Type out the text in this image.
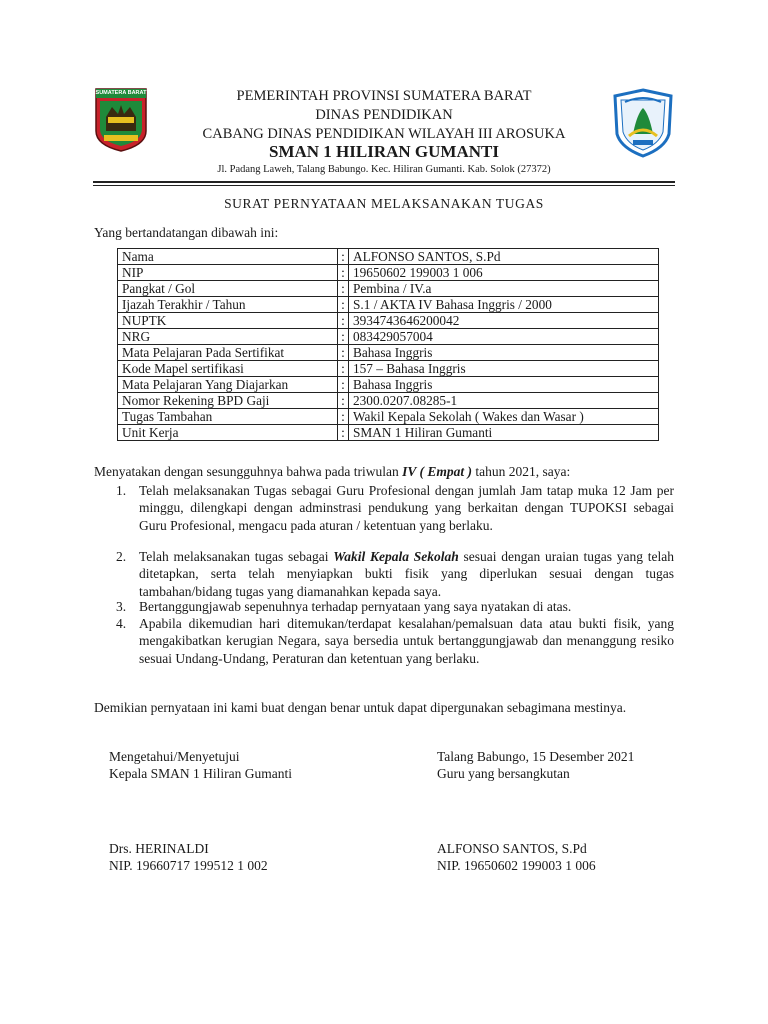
SUMATERA BARAT	PEMERINTAH PROVINSI SUMATERA BARAT
DINAS PENDIDIKAN
CABANG DINAS PENDIDIKAN WILAYAH III AROSUKA
SMAN 1 HILIRAN GUMANTI
Jl. Padang Laweh, Talang Babungo. Kec. Hiliran Gumanti. Kab. Solok (27372)
SURAT PERNYATAAN MELAKSANAKAN TUGAS
Yang bertandatangan dibawah ini:
Nama	:	ALFONSO SANTOS, S.Pd
NIP	:	19650602 199003 1 006
Pangkat / Gol	:	Pembina / IV.a
Ijazah Terakhir / Tahun	:	S.1 / AKTA IV Bahasa Inggris / 2000
NUPTK	:	3934743646200042
NRG	:	083429057004
Mata Pelajaran Pada Sertifikat	:	Bahasa Inggris
Kode Mapel sertifikasi	:	157 – Bahasa Inggris
Mata Pelajaran Yang Diajarkan	:	Bahasa Inggris
Nomor Rekening BPD Gaji	:	2300.0207.08285-1
Tugas Tambahan	:	Wakil Kepala Sekolah ( Wakes dan Wasar )
Unit Kerja	:	SMAN 1 Hiliran Gumanti
Menyatakan dengan sesungguhnya bahwa pada triwulan IV ( Empat ) tahun 2021, saya:
1. Telah melaksanakan Tugas sebagai Guru Profesional dengan jumlah Jam tatap muka 12 Jam per minggu, dilengkapi dengan adminstrasi pendukung yang berkaitan dengan TUPOKSI sebagai Guru Profesional, mengacu pada aturan / ketentuan yang berlaku.
2. Telah melaksanakan tugas sebagai Wakil Kepala Sekolah sesuai dengan uraian tugas yang telah ditetapkan, serta telah menyiapkan bukti fisik yang diperlukan sesuai dengan tugas tambahan/bidang tugas yang diamanahkan kepada saya.
3. Bertanggungjawab sepenuhnya terhadap pernyataan yang saya nyatakan di atas.
4. Apabila dikemudian hari ditemukan/terdapat kesalahan/pemalsuan data atau bukti fisik, yang mengakibatkan kerugian Negara, saya bersedia untuk bertanggungjawab dan menanggung resiko sesuai Undang-Undang, Peraturan dan ketentuan yang berlaku.
Demikian pernyataan ini kami buat dengan benar untuk dapat dipergunakan sebagimana mestinya.
Mengetahui/Menyetujui
Kepala SMAN 1 Hiliran Gumanti
Drs. HERINALDI
NIP. 19660717 199512 1 002
Talang Babungo, 15 Desember 2021
Guru yang bersangkutan
ALFONSO SANTOS, S.Pd
NIP. 19650602 199003 1 006
